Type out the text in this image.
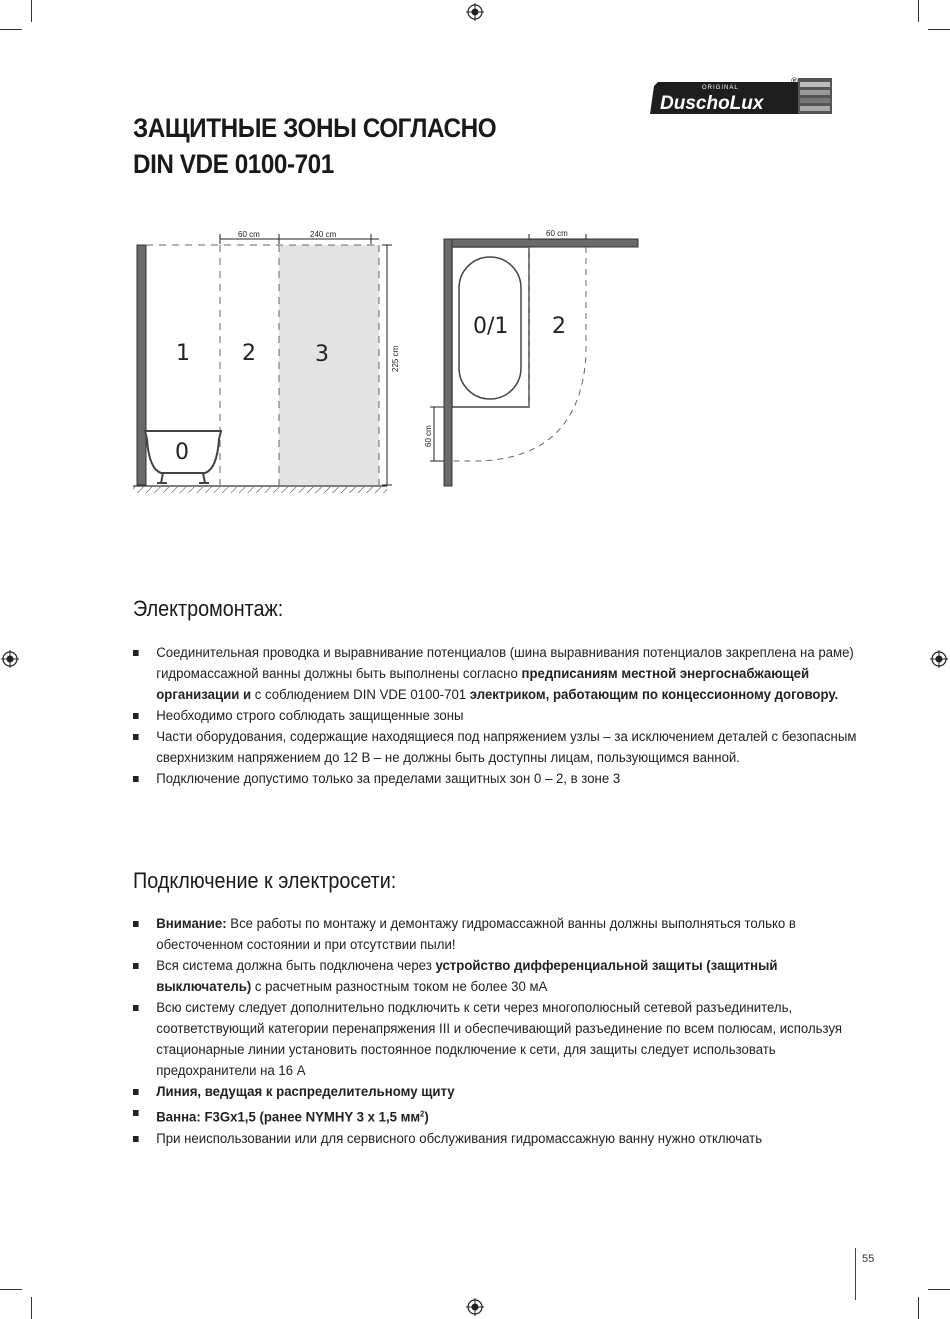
ORIGINAL
DuschoLux
®
ЗАЩИТНЫЕ ЗОНЫ СОГЛАСНО
DIN VDE 0100-701
60 cm	240 cm
225 cm
1 2	3
0
60 cm
60 cm
0/1 2
Электромонтаж:
Соединительная проводка и выравнивание потенциалов (шина выравнивания потенциалов закреплена на раме) гидромассажной ванны должны быть выполнены согласно предписаниям местной энергоснабжающей организации и с соблюдением DIN VDE 0100-701 электриком, работающим по концессионному договору.
Необходимо строго соблюдать защищенные зоны
Части оборудования, содержащие находящиеся под напряжением узлы – за исключением деталей с безопасным сверхнизким напряжением до 12 В – не должны быть доступны лицам, пользующимся ванной.
Подключение допустимо только за пределами защитных зон 0 – 2, в зоне 3
Подключение к электросети:
Внимание: Все работы по монтажу и демонтажу гидромассажной ванны должны выполняться только в обесточенном состоянии и при отсутствии пыли!
Вся система должна быть подключена через устройство дифференциальной защиты (защитный выключатель) с расчетным разностным током не более 30 мА
Всю систему следует дополнительно подключить к сети через многополюсный сетевой разъединитель, соответствующий категории перенапряжения III и обеспечивающий разъединение по всем полюсам, используя стационарные линии установить постоянное подключение к сети, для защиты следует использовать предохранители на 16 А
Линия, ведущая к распределительному щиту
Ванна: F3Gx1,5 (ранее NYMHY 3 x 1,5 $мм^2$)
При неиспользовании или для сервисного обслуживания гидромассажную ванну нужно отключать
55
